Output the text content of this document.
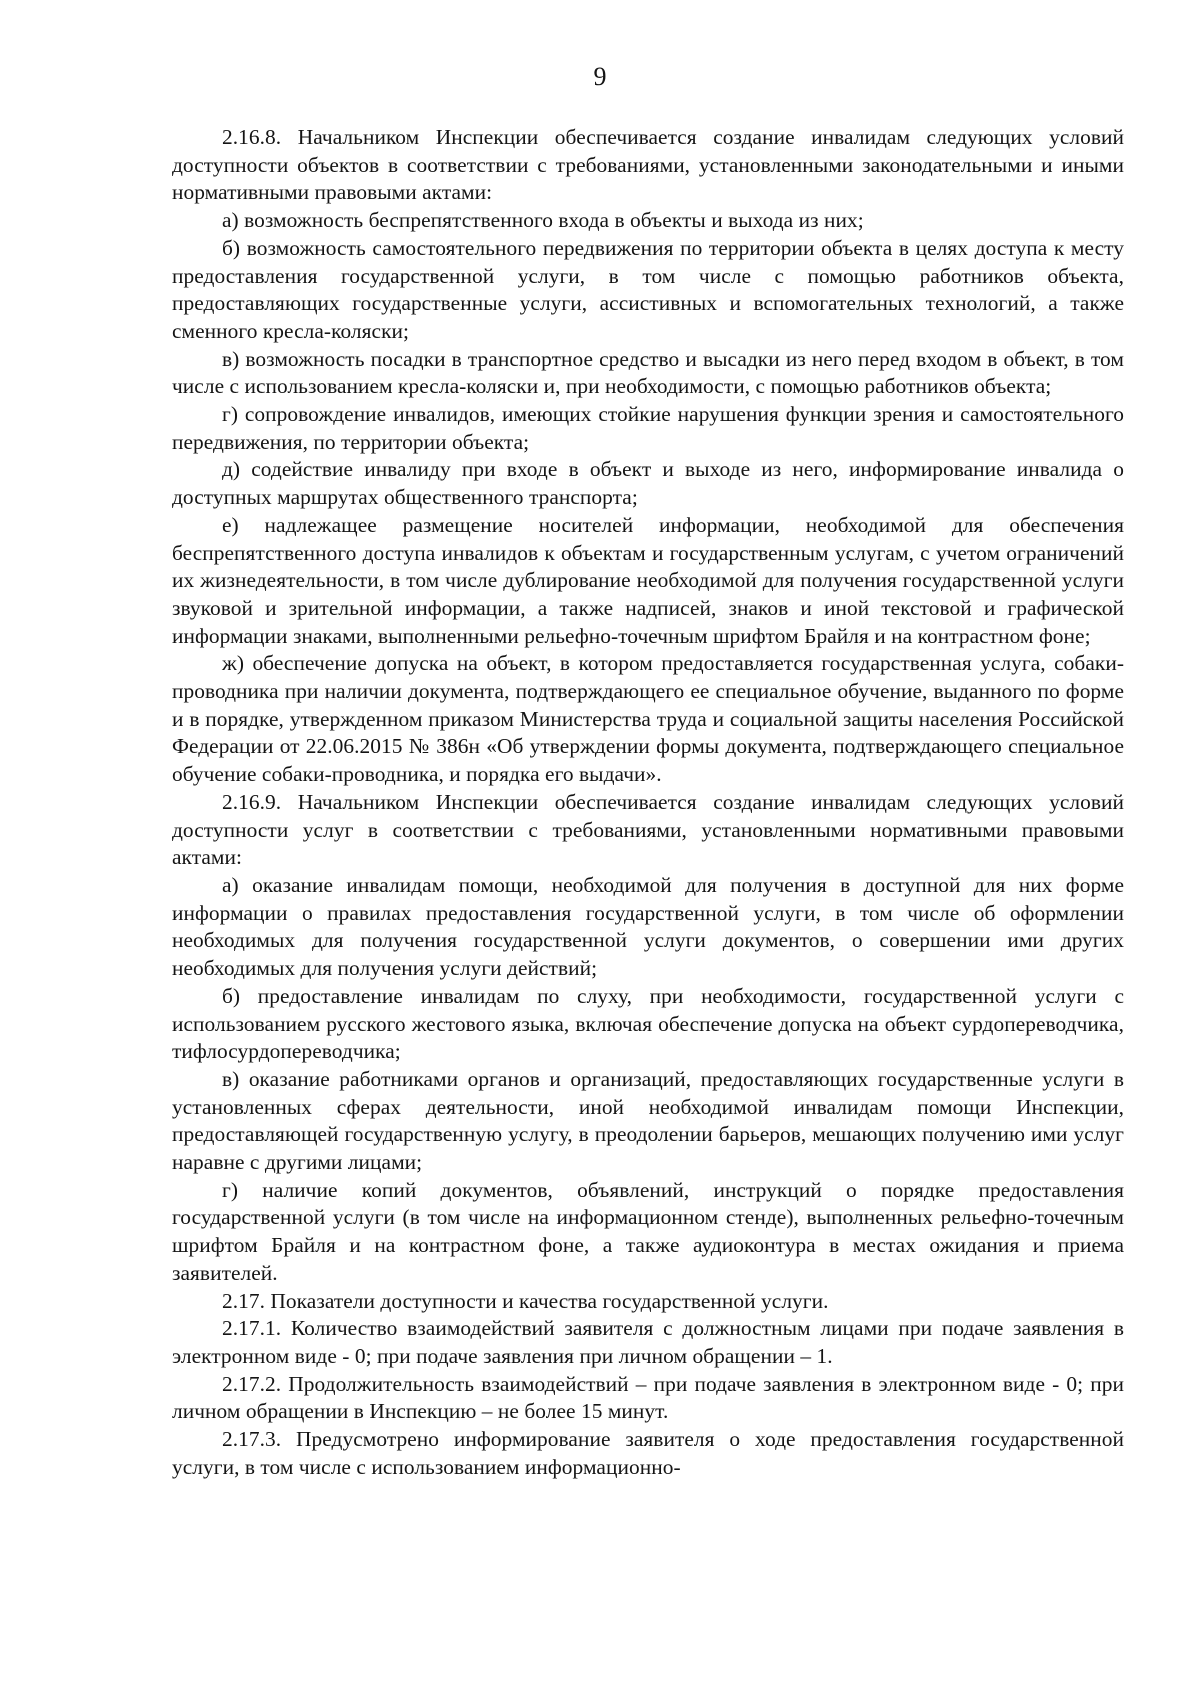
9

2.16.8. Начальником Инспекции обеспечивается создание инвалидам следующих условий доступности объектов в соответствии с требованиями, установленными законодательными и иными нормативными правовыми актами:

а) возможность беспрепятственного входа в объекты и выхода из них;

б) возможность самостоятельного передвижения по территории объекта в целях доступа к месту предоставления государственной услуги, в том числе с помощью работников объекта, предоставляющих государственные услуги, ассистивных и вспомогательных технологий, а также сменного кресла-коляски;

в) возможность посадки в транспортное средство и высадки из него перед входом в объект, в том числе с использованием кресла-коляски и, при необходимости, с помощью работников объекта;

г) сопровождение инвалидов, имеющих стойкие нарушения функции зрения и самостоятельного передвижения, по территории объекта;

д) содействие инвалиду при входе в объект и выходе из него, информирование инвалида о доступных маршрутах общественного транспорта;

е) надлежащее размещение носителей информации, необходимой для обеспечения беспрепятственного доступа инвалидов к объектам и государственным услугам, с учетом ограничений их жизнедеятельности, в том числе дублирование необходимой для получения государственной услуги звуковой и зрительной информации, а также надписей, знаков и иной текстовой и графической информации знаками, выполненными рельефно-точечным шрифтом Брайля и на контрастном фоне;

ж) обеспечение допуска на объект, в котором предоставляется государственная услуга, собаки-проводника при наличии документа, подтверждающего ее специальное обучение, выданного по форме и в порядке, утвержденном приказом Министерства труда и социальной защиты населения Российской Федерации от 22.06.2015 № 386н «Об утверждении формы документа, подтверждающего специальное обучение собаки-проводника, и порядка его выдачи».

2.16.9. Начальником Инспекции обеспечивается создание инвалидам следующих условий доступности услуг в соответствии с требованиями, установленными нормативными правовыми актами:

а) оказание инвалидам помощи, необходимой для получения в доступной для них форме информации о правилах предоставления государственной услуги, в том числе об оформлении необходимых для получения государственной услуги документов, о совершении ими других необходимых для получения услуги действий;

б) предоставление инвалидам по слуху, при необходимости, государственной услуги с использованием русского жестового языка, включая обеспечение допуска на объект сурдопереводчика, тифлосурдопереводчика;

в) оказание работниками органов и организаций, предоставляющих государственные услуги в установленных сферах деятельности, иной необходимой инвалидам помощи Инспекции, предоставляющей государственную услугу, в преодолении барьеров, мешающих получению ими услуг наравне с другими лицами;

г) наличие копий документов, объявлений, инструкций о порядке предоставления государственной услуги (в том числе на информационном стенде), выполненных рельефно-точечным шрифтом Брайля и на контрастном фоне, а также аудиоконтура в местах ожидания и приема заявителей.

2.17. Показатели доступности и качества государственной услуги.

2.17.1. Количество взаимодействий заявителя с должностным лицами при подаче заявления в электронном виде - 0; при подаче заявления при личном обращении – 1.

2.17.2. Продолжительность взаимодействий – при подаче заявления в электронном виде - 0; при личном обращении в Инспекцию – не более 15 минут.

2.17.3. Предусмотрено информирование заявителя о ходе предоставления государственной услуги, в том числе с использованием информационно-
